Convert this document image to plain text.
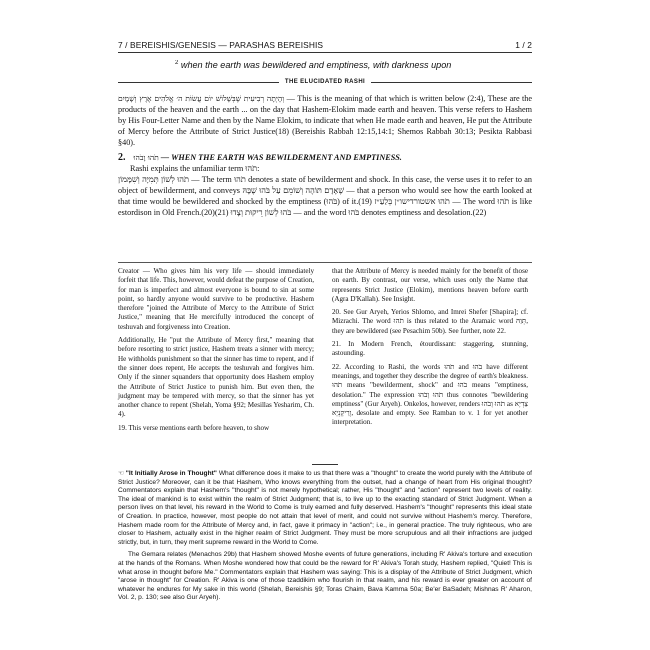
7 / BEREISHIS/GENESIS — PARASHAS BEREISHIS	1 / 2
$^2$ when the earth was bewildered and emptiness, with darkness upon
THE ELUCIDATED RASHI

וְהָיְתָה רְבִיעִית שֶׁבְּשָׁלוֹשׁ יוֹם עֲשׂוֹת ה׳ אֱלֹהִים אֶרֶץ וְשָׁמָיִם — This is the meaning of that which is written below (2:4), These are the products of the heaven and the earth ... on the day that Hashem-Elokim made earth and heaven. This verse refers to Hashem by His Four-Letter Name and then by the Name Elokim, to indicate that when He made earth and heaven, He put the Attribute of Mercy before the Attribute of Strict Justice(18) (Bereishis Rabbah 12:15,14:1; Shemos Rabbah 30:13; Pesikta Rabbasi §40).

2. תֹהוּ וָבֹהוּ — WHEN THE EARTH WAS BEWILDERMENT AND EMPTINESS.

Rashi explains the unfamiliar term תֹהוּ:

תֹהוּ לְשׁוֹן תְּמִיָּה וְשִׁמָּמוֹן — The term תֹהוּ denotes a state of bewilderment and shock. In this case, the verse uses it to refer to an object of bewilderment, and conveys שֶׁאָדָם תּוֹהֶה וְשׁוֹמֵם עַל בֹּהוּ שֶׁבָּהּ — that a person who would see how the earth looked at that time would be bewildered and shocked by the emptiness (בֹּהוּ) of it.(19) תֹהוּ אשטורדישו״ן בְּלַעַ״ז — The word תֹהוּ is like estordison in Old French.(20)(21) בֹּהוּ לְשׁוֹן רֵיקוּת וְצָדוּ — and the word בֹּהוּ denotes emptiness and desolation.(22)

Creator — Who gives him his very life — should immediately forfeit that life. This, however, would defeat the purpose of Creation, for man is imperfect and almost everyone is bound to sin at some point, so hardly anyone would survive to be productive. Hashem therefore "joined the Attribute of Mercy to the Attribute of Strict Justice," meaning that He mercifully introduced the concept of teshuvah and forgiveness into Creation.

Additionally, He "put the Attribute of Mercy first," meaning that before resorting to strict justice, Hashem treats a sinner with mercy; He withholds punishment so that the sinner has time to repent, and if the sinner does repent, He accepts the teshuvah and forgives him. Only if the sinner squanders that opportunity does Hashem employ the Attribute of Strict Justice to punish him. But even then, the judgment may be tempered with mercy, so that the sinner has yet another chance to repent (Shelah, Yoma §92; Mesillas Yesharim, Ch. 4).

19. This verse mentions earth before heaven, to show

that the Attribute of Mercy is needed mainly for the benefit of those on earth. By contrast, our verse, which uses only the Name that represents Strict Justice (Elokim), mentions heaven before earth (Agra D'Kallah). See Insight.

20. See Gur Aryeh, Yerios Shlomo, and Imrei Shefer [Shapira]; cf. Mizrachi. The word תֹהוּ is thus related to the Aramaic word תְּוַהּ, they are bewildered (see Pesachim 50b). See further, note 22.

21. In Modern French, étourdissant: staggering, stunning, astounding.

22. According to Rashi, the words תֹהוּ and בֹהוּ have different meanings, and together they describe the degree of earth's bleakness. תֹהוּ means "bewilderment, shock" and בֹהוּ means "emptiness, desolation." The expression תֹהוּ וָבֹהוּ thus connotes "bewildering emptiness" (Gur Aryeh). Onkelos, however, renders תֹהוּ וָבֹהוּ as צַדְיָא וְרֵיקָנְיָא, desolate and empty. See Ramban to v. 1 for yet another interpretation.

☜ "It Initially Arose in Thought" What difference does it make to us that there was a "thought" to create the world purely with the Attribute of Strict Justice? Moreover, can it be that Hashem, Who knows everything from the outset, had a change of heart from His original thought? Commentators explain that Hashem's "thought" is not merely hypothetical; rather, His "thought" and "action" represent two levels of reality. The ideal of mankind is to exist within the realm of Strict Judgment; that is, to live up to the exacting standard of Strict Judgment. When a person lives on that level, his reward in the World to Come is truly earned and fully deserved. Hashem's "thought" represents this ideal state of Creation. In practice, however, most people do not attain that level of merit, and could not survive without Hashem's mercy. Therefore, Hashem made room for the Attribute of Mercy and, in fact, gave it primacy in "action"; i.e., in general practice. The truly righteous, who are closer to Hashem, actually exist in the higher realm of Strict Judgment. They must be more scrupulous and all their infractions are judged strictly, but, in turn, they merit supreme reward in the World to Come.

The Gemara relates (Menachos 29b) that Hashem showed Moshe events of future generations, including R' Akiva's torture and execution at the hands of the Romans. When Moshe wondered how that could be the reward for R' Akiva's Torah study, Hashem replied, "Quiet! This is what arose in thought before Me." Commentators explain that Hashem was saying: This is a display of the Attribute of Strict Judgment, which "arose in thought" for Creation. R' Akiva is one of those tzaddikim who flourish in that realm, and his reward is ever greater on account of whatever he endures for My sake in this world (Shelah, Bereishis §9; Toras Chaim, Bava Kamma 50a; Be'er BaSadeh; Mishnas R' Aharon, Vol. 2, p. 130; see also Gur Aryeh).
